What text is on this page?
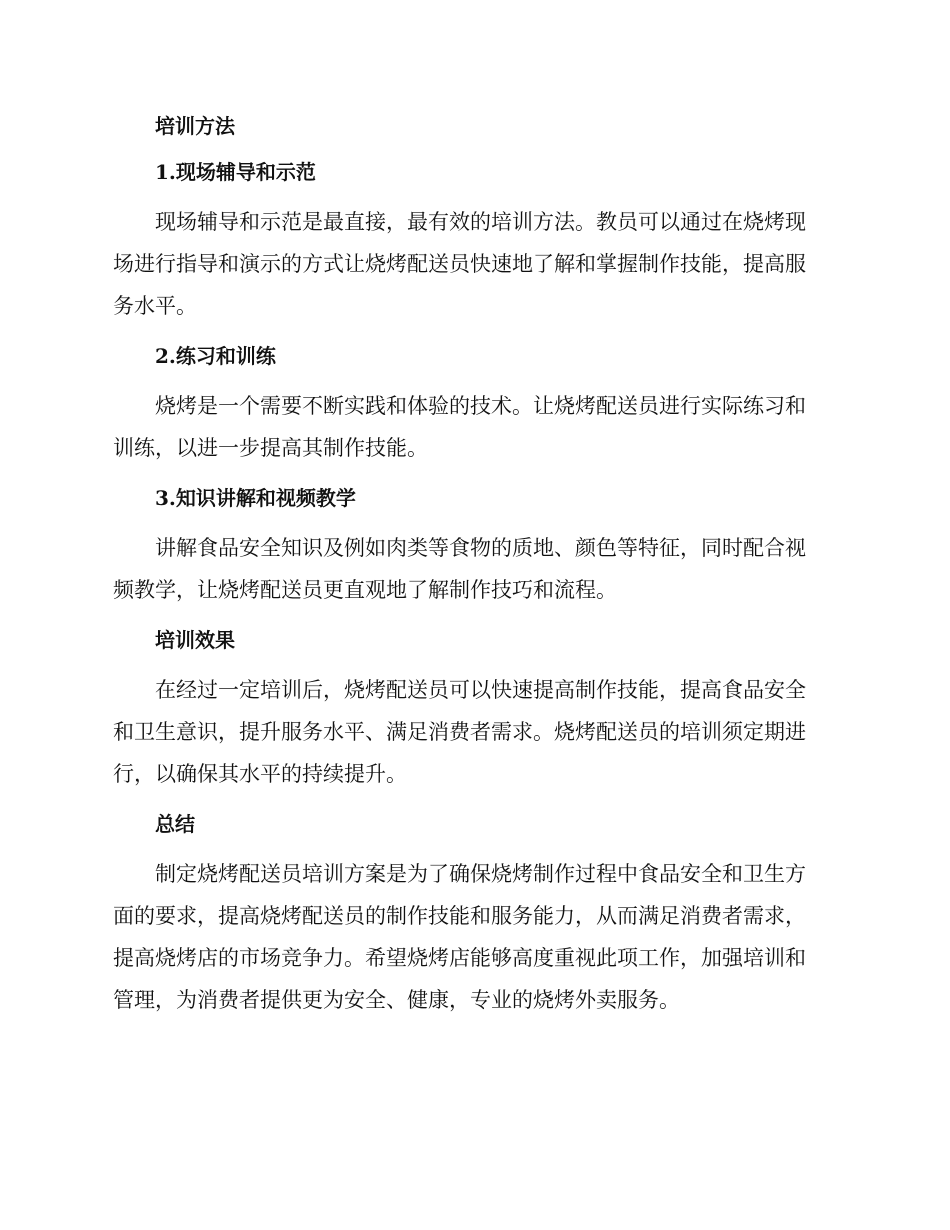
培训方法
1.现场辅导和示范
现场辅导和示范是最直接，最有效的培训方法。教员可以通过在烧烤现
场进行指导和演示的方式让烧烤配送员快速地了解和掌握制作技能，提高服
务水平。
2.练习和训练
烧烤是一个需要不断实践和体验的技术。让烧烤配送员进行实际练习和
训练，以进一步提高其制作技能。
3.知识讲解和视频教学
讲解食品安全知识及例如肉类等食物的质地、颜色等特征，同时配合视
频教学，让烧烤配送员更直观地了解制作技巧和流程。
培训效果
在经过一定培训后，烧烤配送员可以快速提高制作技能，提高食品安全
和卫生意识，提升服务水平、满足消费者需求。烧烤配送员的培训须定期进
行，以确保其水平的持续提升。
总结
制定烧烤配送员培训方案是为了确保烧烤制作过程中食品安全和卫生方
面的要求，提高烧烤配送员的制作技能和服务能力，从而满足消费者需求，
提高烧烤店的市场竞争力。希望烧烤店能够高度重视此项工作，加强培训和
管理，为消费者提供更为安全、健康，专业的烧烤外卖服务。
